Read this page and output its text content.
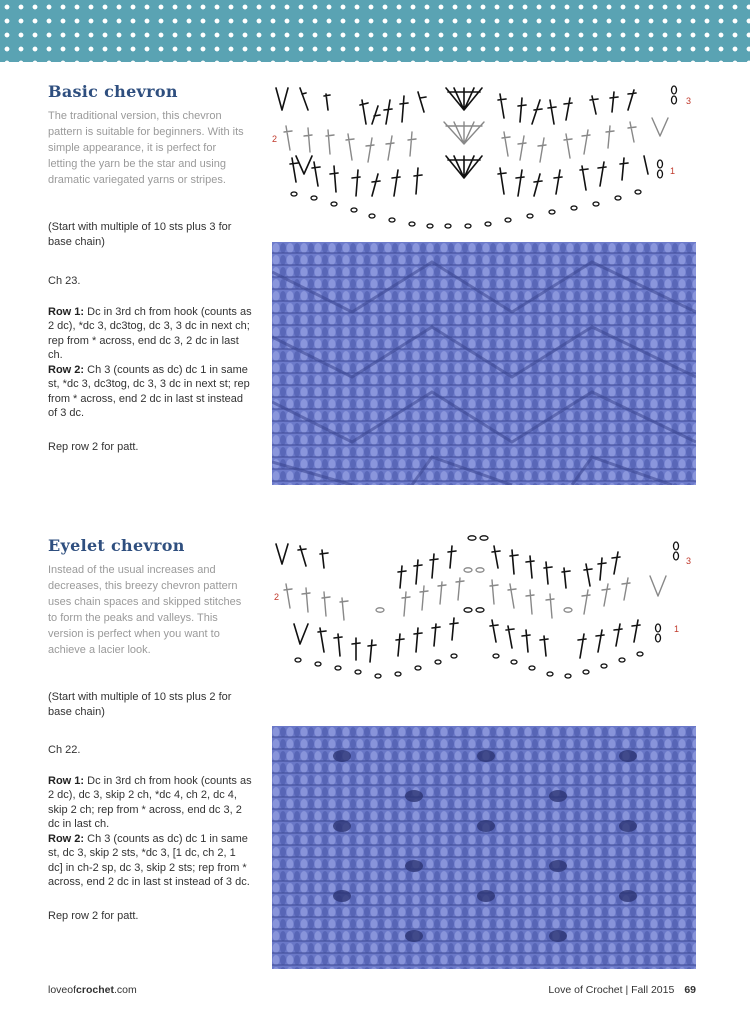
Basic chevron

The traditional version, this chevron pattern is suitable for beginners. With its simple appearance, it is perfect for letting the yarn be the star and using dramatic variegated yarns or stripes.

(Start with multiple of 10 sts plus 3 for base chain)

Ch 23.

Row 1: Dc in 3rd ch from hook (counts as 2 dc), *dc 3, dc3tog, dc 3, 3 dc in next ch; rep from * across, end dc 3, 2 dc in last ch.

Row 2: Ch 3 (counts as dc) dc 1 in same st, *dc 3, dc3tog, dc 3, 3 dc in next st; rep from * across, end 2 dc in last st instead of 3 dc.

Rep row 2 for patt.

3
2
1
Eyelet chevron

Instead of the usual increases and decreases, this breezy chevron pattern uses chain spaces and skipped stitches to form the peaks and valleys. This version is perfect when you want to achieve a lacier look.

(Start with multiple of 10 sts plus 2 for base chain)

Ch 22.

Row 1: Dc in 3rd ch from hook (counts as 2 dc), dc 3, skip 2 ch, *dc 4, ch 2, dc 4, skip 2 ch; rep from * across, end dc 3, 2 dc in last ch.

Row 2: Ch 3 (counts as dc) dc 1 in same st, dc 3, skip 2 sts, *dc 3, [1 dc, ch 2, 1 dc] in ch-2 sp, dc 3, skip 2 sts; rep from * across, end 2 dc in last st instead of 3 dc.

Rep row 2 for patt.

3
2
1
loveofcrochet.com	Love of Crochet | Fall 2015 69
